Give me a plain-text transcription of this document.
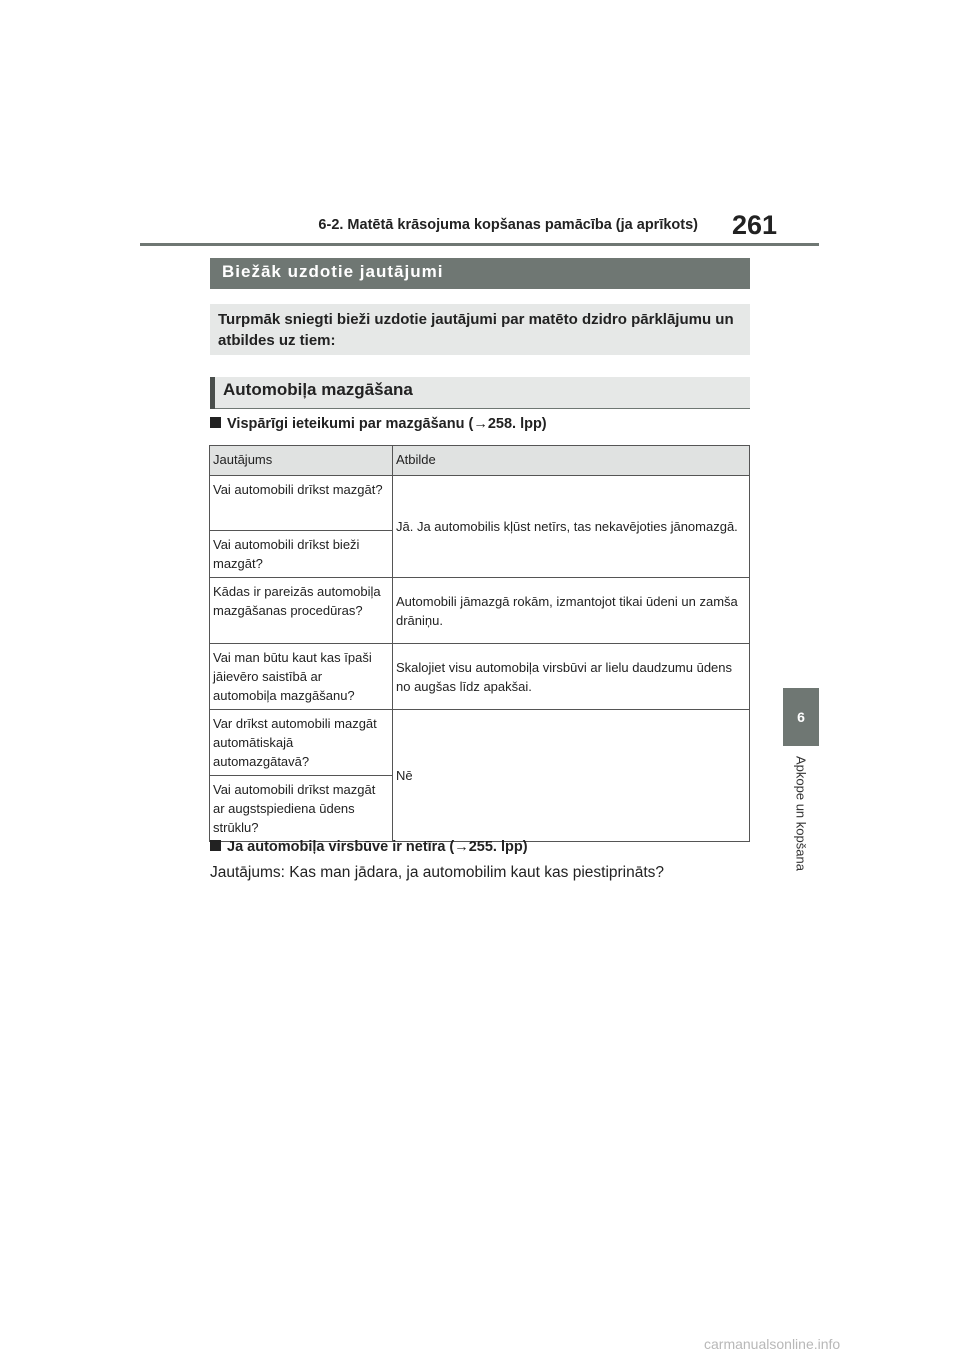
6-2. Matētā krāsojuma kopšanas pamācība (ja aprīkots) 261
6
Apkope un kopšana
Biežāk uzdotie jautājumi

Turpmāk sniegti bieži uzdotie jautājumi par matēto dzidro pārklājumu un atbildes uz tiem:

Automobiļa mazgāšana
Vispārīgi ieteikumi par mazgāšanu (→258. lpp)
Jautājums	Atbilde
Vai automobili drīkst mazgāt?	Jā. Ja automobilis kļūst netīrs, tas nekavējoties jānomazgā.
Vai automobili drīkst bieži mazgāt?	
Kādas ir pareizās automobiļa mazgāšanas procedūras?	Automobili jāmazgā rokām, izmantojot tikai ūdeni un zamša drāniņu.
Vai man būtu kaut kas īpaši jāievēro saistībā ar automobiļa mazgāšanu?	Skalojiet visu automobiļa virsbūvi ar lielu daudzumu ūdens no augšas līdz apakšai.
Var drīkst automobili mazgāt automātiskajā automazgātavā?	Nē
Vai automobili drīkst mazgāt ar augstspiediena ūdens strūklu?	
Ja automobiļa virsbūve ir netīra (→255. lpp)
Jautājums: Kas man jādara, ja automobilim kaut kas piestiprināts?
carmanualsonline.info
